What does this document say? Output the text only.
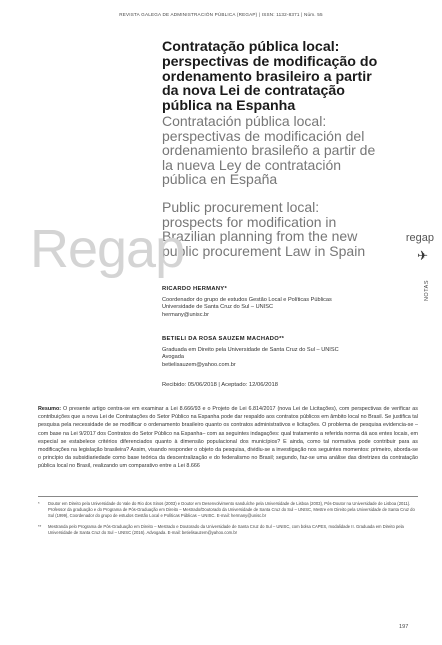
REVISTA GALEGA DE ADMINISTRACIÓN PÚBLICA (REGAP) | ISSN: 1132-8371 | Núm. 55
Contratação pública local: perspectivas de modificação do ordenamento brasileiro a partir da nova Lei de contratação pública na Espanha
Contratación pública local: perspectivas de modificación del ordenamiento brasileño a partir de la nueva Ley de contratación pública en España
Public procurement local: prospects for modification in Brazilian planning from the new public procurement Law in Spain
Regap	regap
✈
NOTAS
RICARDO HERMANY*
Coordenador do grupo de estudos Gestão Local e Políticas Públicas
Universidade de Santa Cruz do Sul – UNISC
hermany@unisc.br
BETIELI DA ROSA SAUZEM MACHADO**
Graduada em Direito pela Universidade de Santa Cruz do Sul – UNISC
Avogada
betielisauzem@yahoo.com.br
Recibido: 05/06/2018 | Aceptado: 12/06/2018
Resumo: O presente artigo centra-se em examinar a Lei 8.666/93 e o Projeto de Lei 6.814/2017 (nova Lei de Licitações), com perspectivas de verificar as contribuições que a nova Lei de Contratações do Setor Público na Espanha pode dar respaldo aos contratos públicos em âmbito local no Brasil. Se justifica tal pesquisa pela necessidade de se modificar o ordenamento brasileiro quanto os contratos administrativos e licitações. O problema de pesquisa evidencia-se –com base na Lei 9/2017 dos Contratos do Setor Público na Espanha– com as seguintes indagações: qual tratamento a referida norma dá aos entes locais, em especial se estabelece critérios diferenciados quanto à dimensão populacional dos municípios? E ainda, como tal normativa pode contribuir para as modificações na legislação brasileira? Assim, visando responder o objeto da pesquisa, dividiu-se a investigação nos seguintes momentos: primeiro, aborda-se o princípio da subsidiariedade como base teórica da descentralização e do federalismo no Brasil; segundo, faz-se uma análise das diretrizes da contratação pública local no Brasil, realizando um comparativo entre a Lei 8.666
* Doutor em Direito pela Universidade do Vale do Rio dos Sinos (2003) e Doutor em Desenvolvimento sanduíche pela Universidade de Lisboa (2003), Pós-Doutor na Universidade de Lisboa (2011). Professor da graduação e do Programa de Pós-Graduação em Direito – Mestrado/Doutorado da Universidade de Santa Cruz do Sul – UNISC, Mestre em Direito pela Universidade de Santa Cruz do Sul (1999), Coordenador do grupo de estudos Gestão Local e Políticas Públicas – UNISC. E-mail: hermany@unisc.br
** Mestranda pelo Programa de Pós-Graduação em Direito – Mestrado e Doutorado da Universidade de Santa Cruz do Sul – UNISC, com bolsa CAPES, modalidade II. Graduada em Direito pela Universidade de Santa Cruz do Sul – UNISC (2016). Advogada. E-mail: betielisauzem@yahoo.com.br
197
